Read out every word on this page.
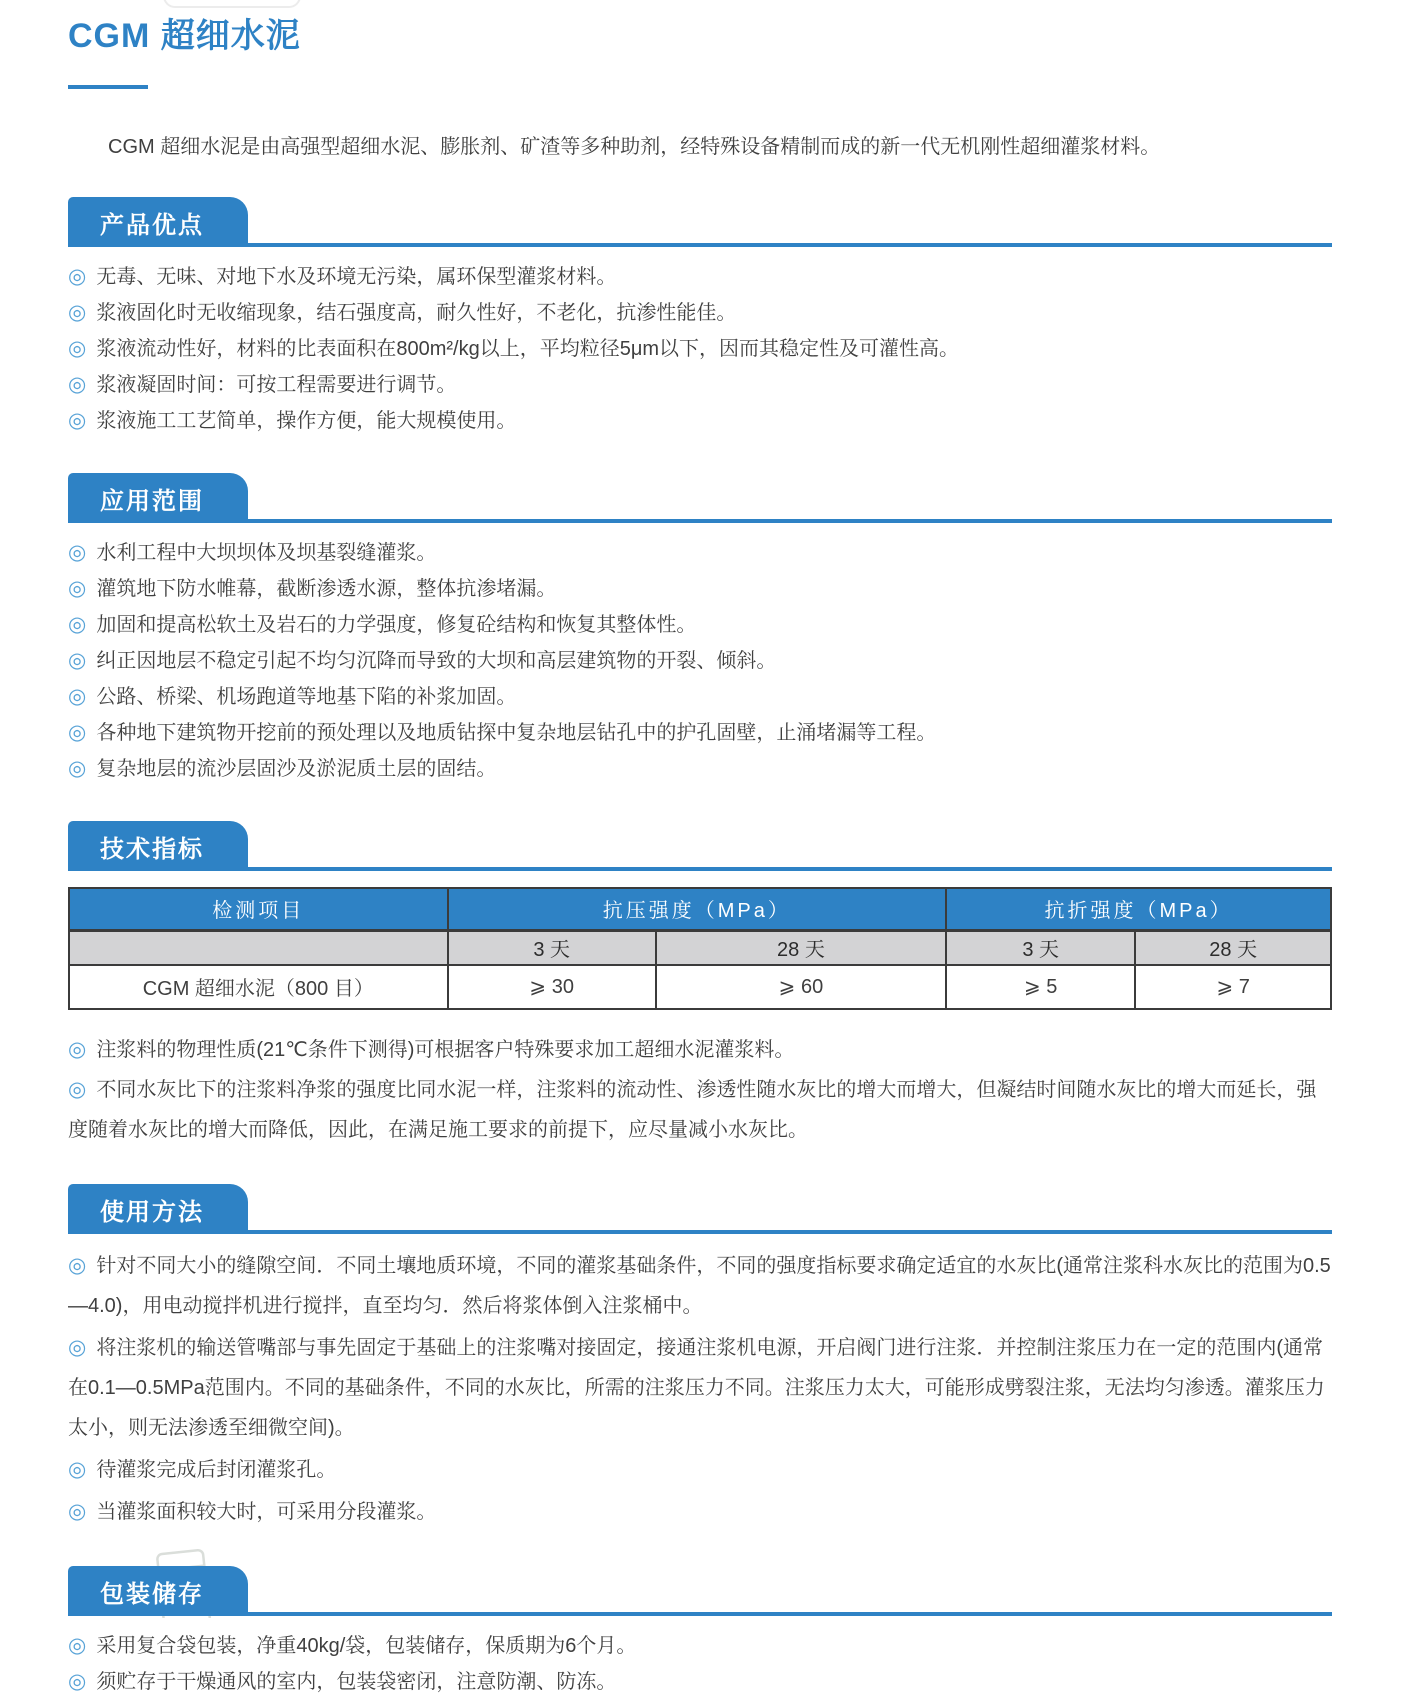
CGM 超细水泥

CGM 超细水泥是由高强型超细水泥、膨胀剂、矿渣等多种助剂，经特殊设备精制而成的新一代无机刚性超细灌浆材料。

产品优点

◎ 无毒、无味、对地下水及环境无污染，属环保型灌浆材料。

◎ 浆液固化时无收缩现象，结石强度高，耐久性好，不老化，抗渗性能佳。

◎ 浆液流动性好，材料的比表面积在800m²/kg以上，平均粒径5μm以下，因而其稳定性及可灌性高。

◎ 浆液凝固时间：可按工程需要进行调节。

◎ 浆液施工工艺简单，操作方便，能大规模使用。

应用范围

◎ 水利工程中大坝坝体及坝基裂缝灌浆。

◎ 灌筑地下防水帷幕，截断渗透水源，整体抗渗堵漏。

◎ 加固和提高松软土及岩石的力学强度，修复砼结构和恢复其整体性。

◎ 纠正因地层不稳定引起不均匀沉降而导致的大坝和高层建筑物的开裂、倾斜。

◎ 公路、桥梁、机场跑道等地基下陷的补浆加固。

◎ 各种地下建筑物开挖前的预处理以及地质钻探中复杂地层钻孔中的护孔固壁，止涌堵漏等工程。

◎ 复杂地层的流沙层固沙及淤泥质土层的固结。

技术指标
检测项目	抗压强度（MPa）		抗折强度（MPa）	
	3 天	28 天	3 天	28 天
CGM 超细水泥（800 目）	⩾ 30	⩾ 60	⩾ 5	⩾ 7

◎ 注浆料的物理性质(21℃条件下测得)可根据客户特殊要求加工超细水泥灌浆料。

◎ 不同水灰比下的注浆料净浆的强度比同水泥一样，注浆料的流动性、渗透性随水灰比的增大而增大，但凝结时间随水灰比的增大而延长，强度随着水灰比的增大而降低，因此，在满足施工要求的前提下，应尽量减小水灰比。

使用方法

◎ 针对不同大小的缝隙空间．不同土壤地质环境，不同的灌浆基础条件，不同的强度指标要求确定适宜的水灰比(通常注浆科水灰比的范围为0.5—4.0)，用电动搅拌机进行搅拌，直至均匀．然后将浆体倒入注浆桶中。

◎ 将注浆机的输送管嘴部与事先固定于基础上的注浆嘴对接固定，接通注浆机电源，开启阀门进行注浆．并控制注浆压力在一定的范围内(通常在0.1—0.5MPa范围内。不同的基础条件，不同的水灰比，所需的注浆压力不同。注浆压力太大，可能形成劈裂注浆，无法均匀渗透。灌浆压力太小，则无法渗透至细微空间)。

◎ 待灌浆完成后封闭灌浆孔。

◎ 当灌浆面积较大时，可采用分段灌浆。

包装储存

◎ 采用复合袋包装，净重40kg/袋，包装储存，保质期为6个月。

◎ 须贮存于干燥通风的室内，包装袋密闭，注意防潮、防冻。
